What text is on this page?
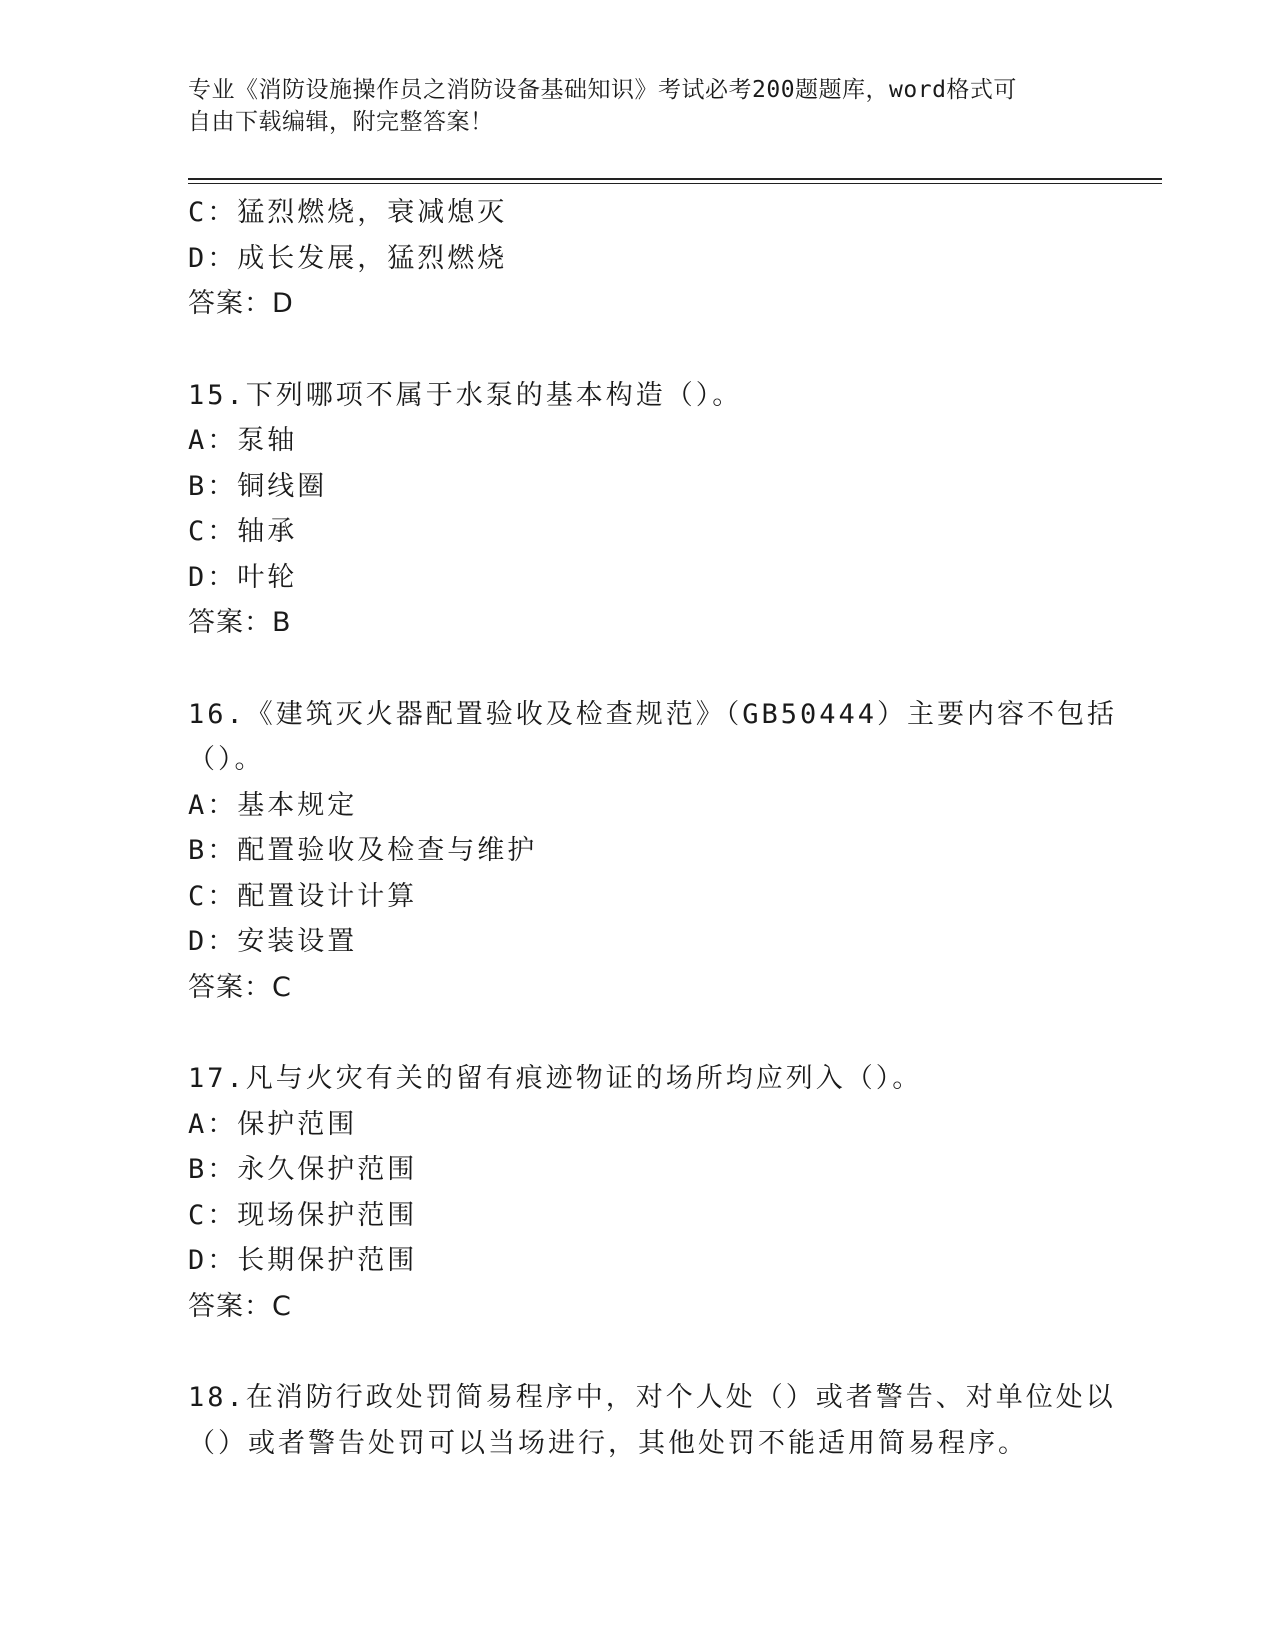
专业《消防设施操作员之消防设备基础知识》考试必考200题题库，word格式可
自由下载编辑，附完整答案！
C：猛烈燃烧，衰减熄灭
D：成长发展，猛烈燃烧
答案：D
15.下列哪项不属于水泵的基本构造（）。
A：泵轴
B：铜线圈
C：轴承
D：叶轮
答案：B
16.《建筑灭火器配置验收及检查规范》（GB50444）主要内容不包括
（）。
A：基本规定
B：配置验收及检查与维护
C：配置设计计算
D：安装设置
答案：C
17.凡与火灾有关的留有痕迹物证的场所均应列入（）。
A：保护范围
B：永久保护范围
C：现场保护范围
D：长期保护范围
答案：C
18.在消防行政处罚简易程序中，对个人处（）或者警告、对单位处以
（）或者警告处罚可以当场进行，其他处罚不能适用简易程序。
